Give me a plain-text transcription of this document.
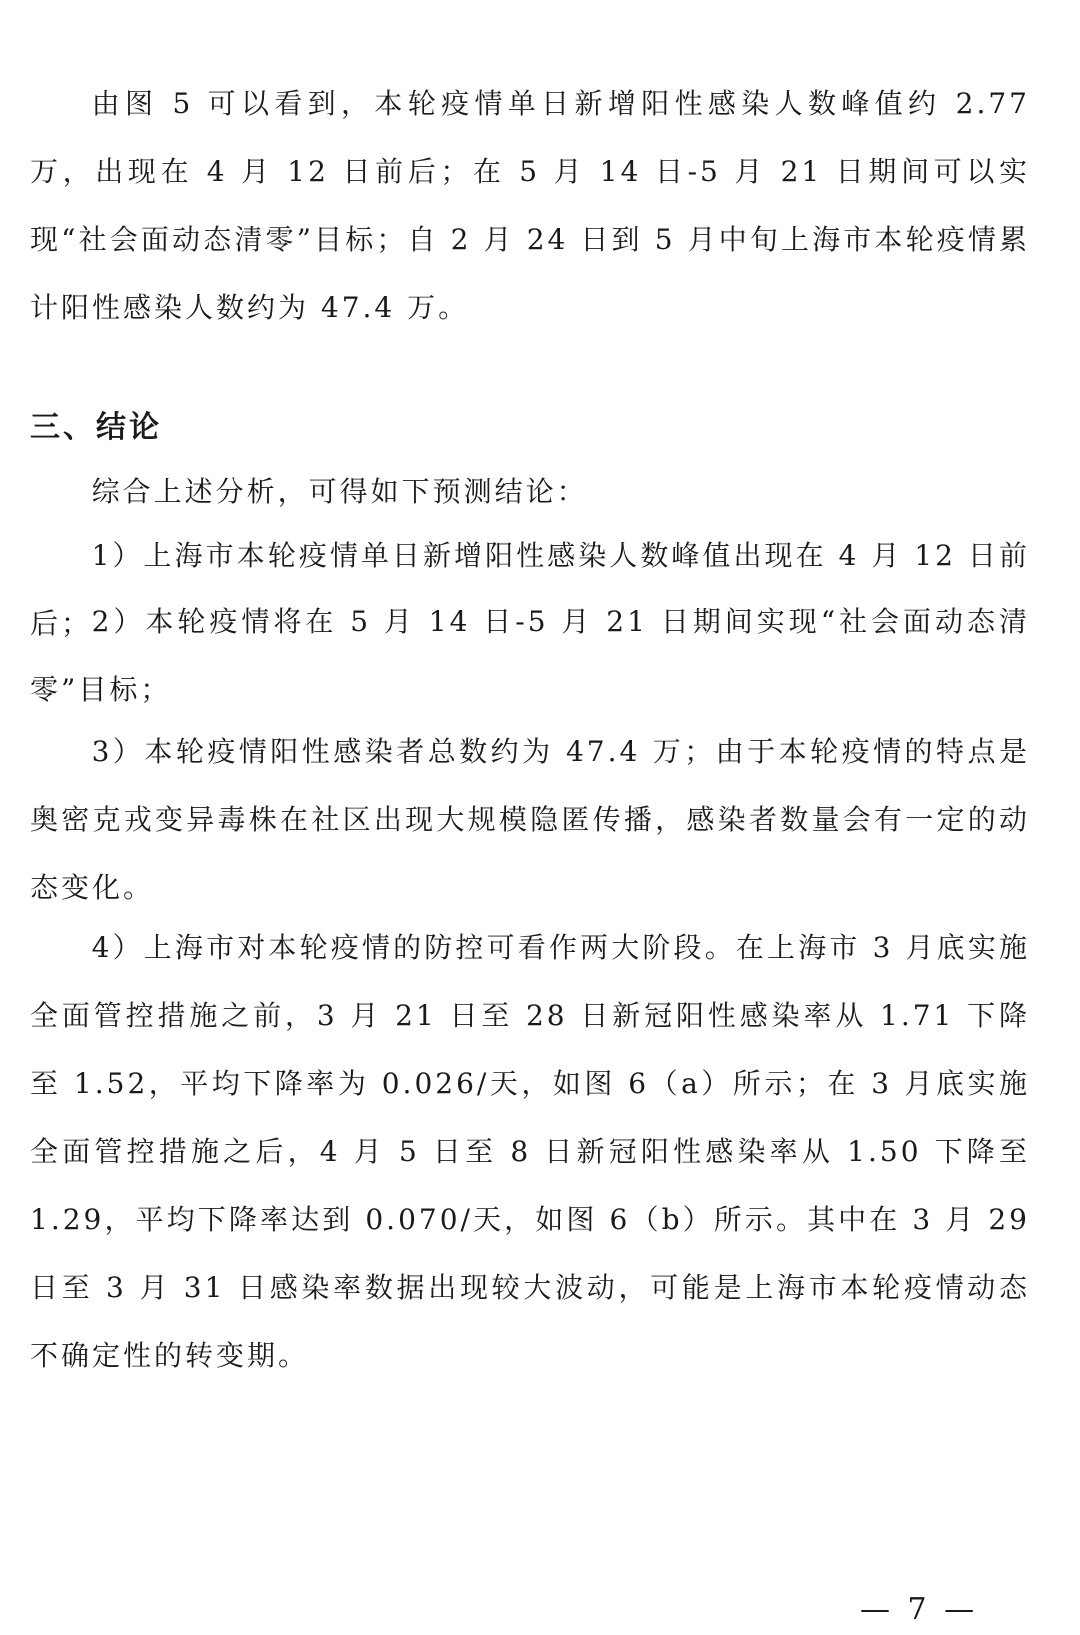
由图 5 可以看到，本轮疫情单日新增阳性感染人数峰值约 2.77 万，出现在 4 月 12 日前后；在 5 月 14 日-5 月 21 日期间可以实现“社会面动态清零”目标；自 2 月 24 日到 5 月中旬上海市本轮疫情累计阳性感染人数约为 47.4 万。

三、结论

综合上述分析，可得如下预测结论：

1）上海市本轮疫情单日新增阳性感染人数峰值出现在 4 月 12 日前后； 2）本轮疫情将在 5 月 14 日-5 月 21 日期间实现“社会面动态清零”目标；

3）本轮疫情阳性感染者总数约为 47.4 万；由于本轮疫情的特点是奥密克戎变异毒株在社区出现大规模隐匿传播，感染者数量会有一定的动态变化。

4）上海市对本轮疫情的防控可看作两大阶段。在上海市 3 月底实施全面管控措施之前，3 月 21 日至 28 日新冠阳性感染率从 1.71 下降至 1.52，平均下降率为 0.026/天，如图 6（a）所示；在 3 月底实施全面管控措施之后，4 月 5 日至 8 日新冠阳性感染率从 1.50 下降至 1.29，平均下降率达到 0.070/天，如图 6（b）所示。其中在 3 月 29 日至 3 月 31 日感染率数据出现较大波动，可能是上海市本轮疫情动态不确定性的转变期。

— 7 —
